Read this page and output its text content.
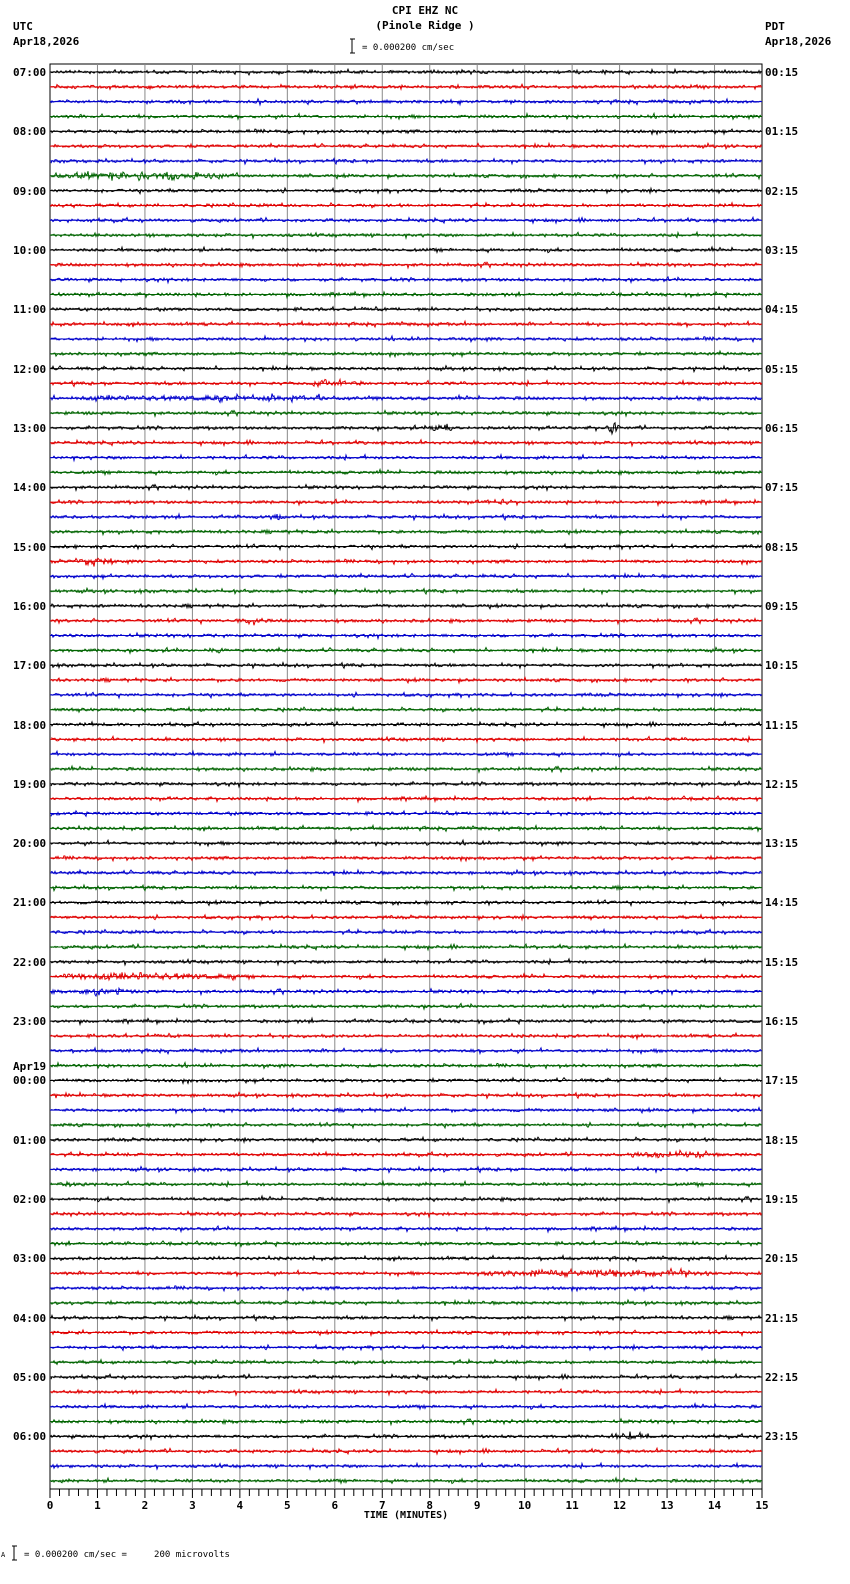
CPI EHZ NC
(Pinole Ridge )
UTC
Apr18,2026
PDT
Apr18,2026
= 0.000200 cm/sec
07:00
08:00
09:00
10:00
11:00
12:00
13:00
14:00
15:00
16:00
17:00
18:00
19:00
20:00
21:00
22:00
23:00
00:00
Apr19
01:00
02:00
03:00
04:00
05:00
06:00
00:15
01:15
02:15
03:15
04:15
05:15
06:15
07:15
08:15
09:15
10:15
11:15
12:15
13:15
14:15
15:15
16:15
17:15
18:15
19:15
20:15
21:15
22:15
23:15
0	1	2	3	4	5	6	7	8	9	10	11	12	13	14	15
TIME (MINUTES)
A = 0.000200 cm/sec =     200 microvolts
